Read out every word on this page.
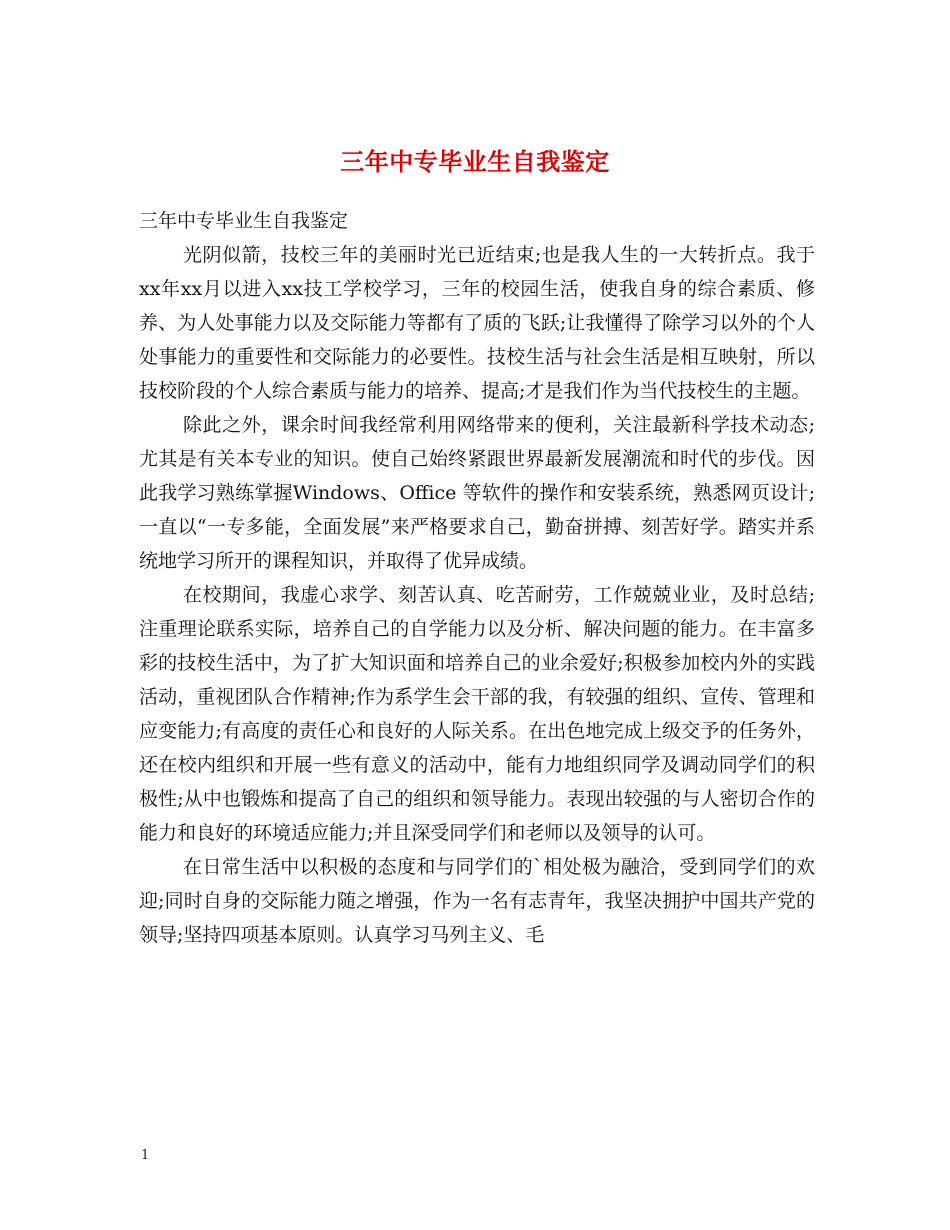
三年中专毕业生自我鉴定

三年中专毕业生自我鉴定

光阴似箭，技校三年的美丽时光已近结束;也是我人生的一大转折点。我于xx年xx月以进入xx技工学校学习，三年的校园生活，使我自身的综合素质、修养、为人处事能力以及交际能力等都有了质的飞跃;让我懂得了除学习以外的个人处事能力的重要性和交际能力的必要性。技校生活与社会生活是相互映射，所以技校阶段的个人综合素质与能力的培养、提高;才是我们作为当代技校生的主题。

除此之外，课余时间我经常利用网络带来的便利，关注最新科学技术动态;尤其是有关本专业的知识。使自己始终紧跟世界最新发展潮流和时代的步伐。因此我学习熟练掌握Windows、Office 等软件的操作和安装系统，熟悉网页设计;一直以“一专多能，全面发展”来严格要求自己，勤奋拼搏、刻苦好学。踏实并系统地学习所开的课程知识，并取得了优异成绩。

在校期间，我虚心求学、刻苦认真、吃苦耐劳，工作兢兢业业，及时总结;注重理论联系实际，培养自己的自学能力以及分析、解决问题的能力。在丰富多彩的技校生活中，为了扩大知识面和培养自己的业余爱好;积极参加校内外的实践活动，重视团队合作精神;作为系学生会干部的我，有较强的组织、宣传、管理和应变能力;有高度的责任心和良好的人际关系。在出色地完成上级交予的任务外，还在校内组织和开展一些有意义的活动中，能有力地组织同学及调动同学们的积极性;从中也锻炼和提高了自己的组织和领导能力。表现出较强的与人密切合作的能力和良好的环境适应能力;并且深受同学们和老师以及领导的认可。

在日常生活中以积极的态度和与同学们的`相处极为融洽，受到同学们的欢迎;同时自身的交际能力随之增强，作为一名有志青年，我坚决拥护中国共产党的领导;坚持四项基本原则。认真学习马列主义、毛

1
